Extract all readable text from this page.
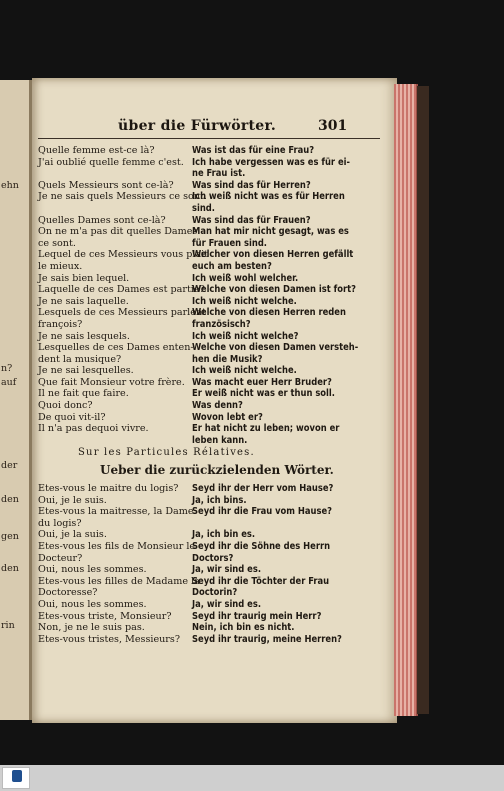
ehn
n?
auf
der
den
gen
den
rin
über die Fürwörter.	301
Quelle femme est-ce là?
J'ai oublié quelle femme c'est.

Quels Messieurs sont ce-là?
Je ne sais quels Messieurs ce sont.

Quelles Dames sont ce-là?
On ne m'a pas dit quelles Dames
ce sont.
Lequel de ces Messieurs vous plait
le mieux.
Je sais bien lequel.
Laquelle de ces Dames est partie?
Je ne sais laquelle.
Lesquels de ces Messieurs parlent
françois?
Je ne sais lesquels.
Lesquelles de ces Dames enten-
dent la musique?
Je ne sai lesquelles.
Que fait Monsieur votre frère.
Il ne fait que faire.
Quoi donc?
De quoi vit-il?
Il n'a pas dequoi vivre.
Was ist das für eine Frau?
Ich habe vergessen was es für ei-
ne Frau ist.
Was sind das für Herren?
Ich weiß nicht was es für Herren
sind.
Was sind das für Frauen?
Man hat mir nicht gesagt, was es
für Frauen sind.
Welcher von diesen Herren gefällt
euch am besten?
Ich weiß wohl welcher.
Welche von diesen Damen ist fort?
Ich weiß nicht welche.
Welche von diesen Herren reden
französisch?
Ich weiß nicht welche?
Welche von diesen Damen versteh-
hen die Musik?
Ich weiß nicht welche.
Was macht euer Herr Bruder?
Er weiß nicht was er thun soll.
Was denn?
Wovon lebt er?
Er hat nicht zu leben; wovon er
leben kann.
Sur les Particules Rélatives.
Ueber die zurückzielenden Wörter.
Etes-vous le maitre du logis?
Oui, je le suis.
Etes-vous la maitresse, la Dame
du logis?
Oui, je la suis.
Etes-vous les fils de Monsieur le
Docteur?
Oui, nous les sommes.
Etes-vous les filles de Madame la
Doctoresse?
Oui, nous les sommes.
Etes-vous triste, Monsieur?
Non, je ne le suis pas.
Etes-vous tristes, Messieurs?
Seyd ihr der Herr vom Hause?
Ja, ich bins.
Seyd ihr die Frau vom Hause?

Ja, ich bin es.
Seyd ihr die Söhne des Herrn
Doctors?
Ja, wir sind es.
Seyd ihr die Töchter der Frau
Doctorin?
Ja, wir sind es.
Seyd ihr traurig mein Herr?
Nein, ich bin es nicht.
Seyd ihr traurig, meine Herren?
